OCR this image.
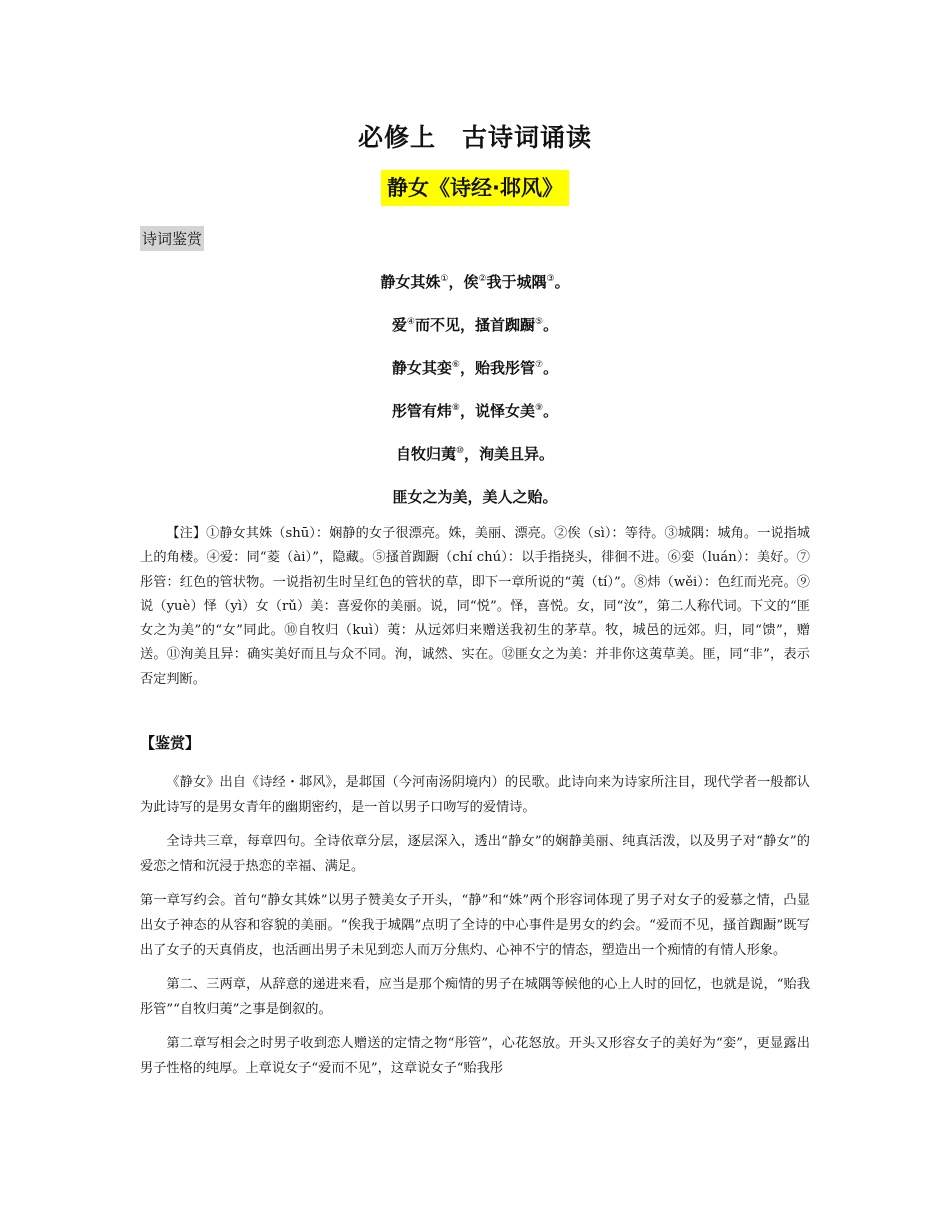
必修上　古诗词诵读
静女《诗经·邶风》
诗词鉴赏
静女其姝①，俟②我于城隅③。
爱④而不见，搔首踟蹰⑤。
静女其娈⑥，贻我彤管⑦。
彤管有炜⑧，说怿女美⑨。
自牧归荑⑩，洵美且异。
匪女之为美，美人之贻。
【注】①静女其姝（shū）：娴静的女子很漂亮。姝，美丽、漂亮。②俟（sì）：等待。③城隅：城角。一说指城上的角楼。④爱：同“菱（ài）”，隐藏。⑤搔首踟蹰（chí chú）：以手指挠头，徘徊不进。⑥娈（luán）：美好。⑦彤管：红色的管状物。一说指初生时呈红色的管状的草，即下一章所说的“荑（tí）”。⑧炜（wěi）：色红而光亮。⑨说（yuè）怿（yì）女（rǔ）美：喜爱你的美丽。说，同“悦”。怿，喜悦。女，同“汝”，第二人称代词。下文的“匪女之为美”的“女”同此。⑩自牧归（kuì）荑：从远郊归来赠送我初生的茅草。牧，城邑的远郊。归，同“馈”，赠送。⑪洵美且异：确实美好而且与众不同。洵，诚然、实在。⑫匪女之为美：并非你这荑草美。匪，同“非”，表示否定判断。
【鉴赏】

《静女》出自《诗经・邶风》，是邶国（今河南汤阴境内）的民歌。此诗向来为诗家所注目，现代学者一般都认为此诗写的是男女青年的幽期密约，是一首以男子口吻写的爱情诗。

全诗共三章，每章四句。全诗依章分层，逐层深入，透出“静女”的娴静美丽、纯真活泼，以及男子对“静女”的爱恋之情和沉浸于热恋的幸福、满足。

第一章写约会。首句“静女其姝”以男子赞美女子开头，“静”和“姝”两个形容词体现了男子对女子的爱慕之情，凸显出女子神态的从容和容貌的美丽。“俟我于城隅”点明了全诗的中心事件是男女的约会。“爱而不见，搔首踟蹰”既写出了女子的天真俏皮，也活画出男子未见到恋人而万分焦灼、心神不宁的情态，塑造出一个痴情的有情人形象。

第二、三两章，从辞意的递进来看，应当是那个痴情的男子在城隅等候他的心上人时的回忆，也就是说，“贻我彤管”“自牧归荑”之事是倒叙的。

第二章写相会之时男子收到恋人赠送的定情之物“彤管”，心花怒放。开头又形容女子的美好为“娈”，更显露出男子性格的纯厚。上章说女子“爱而不见”，这章说女子“贻我彤
